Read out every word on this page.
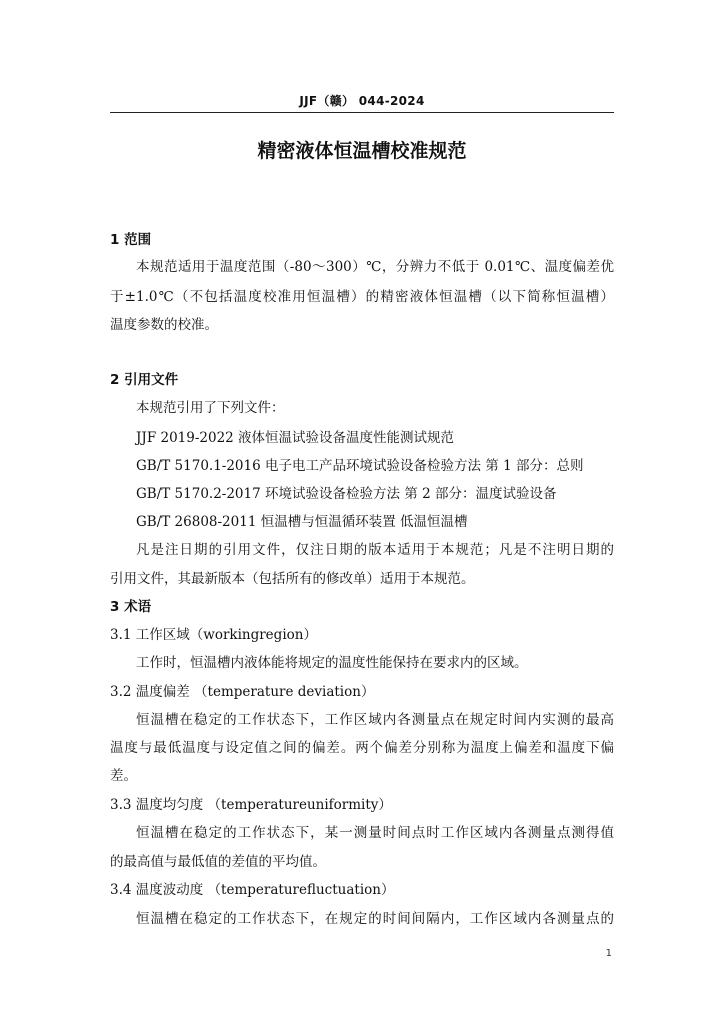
JJF（赣） 044-2024
精密液体恒温槽校准规范
1 范围
本规范适用于温度范围（-80～300）℃，分辨力不低于 0.01℃、温度偏差优
于±1.0℃（不包括温度校准用恒温槽）的精密液体恒温槽（以下简称恒温槽）
温度参数的校准。
2 引用文件
本规范引用了下列文件：
JJF 2019-2022 液体恒温试验设备温度性能测试规范
GB/T 5170.1-2016 电子电工产品环境试验设备检验方法 第 1 部分：总则
GB/T 5170.2-2017 环境试验设备检验方法 第 2 部分：温度试验设备
GB/T 26808-2011 恒温槽与恒温循环装置 低温恒温槽
凡是注日期的引用文件，仅注日期的版本适用于本规范；凡是不注明日期的
引用文件，其最新版本（包括所有的修改单）适用于本规范。
3 术语
3.1 工作区域（workingregion）
工作时，恒温槽内液体能将规定的温度性能保持在要求内的区域。
3.2 温度偏差 （temperature deviation）
恒温槽在稳定的工作状态下，工作区域内各测量点在规定时间内实测的最高
温度与最低温度与设定值之间的偏差。两个偏差分别称为温度上偏差和温度下偏
差。
3.3 温度均匀度 （temperatureuniformity）
恒温槽在稳定的工作状态下，某一测量时间点时工作区域内各测量点测得值
的最高值与最低值的差值的平均值。
3.4 温度波动度 （temperaturefluctuation）
恒温槽在稳定的工作状态下，在规定的时间间隔内，工作区域内各测量点的
1
